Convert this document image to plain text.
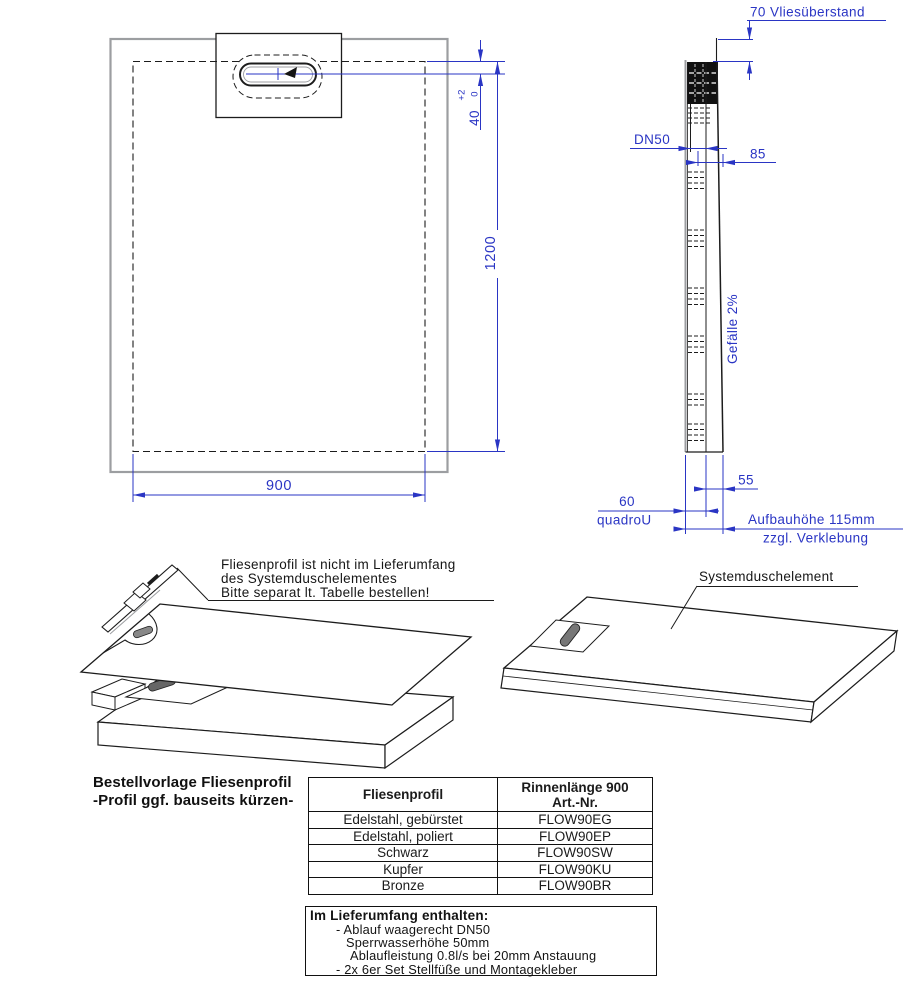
900
1200
40
+2 0
70 Vliesüberstand
DN50
85
Gefälle 2%
55
60
quadroU	Aufbauhöhe 115mm
zzgl. Verklebung
Fliesenprofil ist nicht im Lieferumfang
des Systemduschelementes
Bitte separat lt. Tabelle bestellen!
Systemduschelement
Bestellvorlage Fliesenprofil
-Profil ggf. bauseits kürzen-	Fliesenprofil	Rinnenlänge 900
Art.-Nr.
Edelstahl, gebürstet	FLOW90EG
Edelstahl, poliert	FLOW90EP
Schwarz	FLOW90SW
Kupfer	FLOW90KU
Bronze	FLOW90BR
Im Lieferumfang enthalten:
- Ablauf waagerecht DN50
Sperrwasserhöhe 50mm
Ablaufleistung 0.8l/s bei 20mm Anstauung
- 2x 6er Set Stellfüße und Montagekleber
